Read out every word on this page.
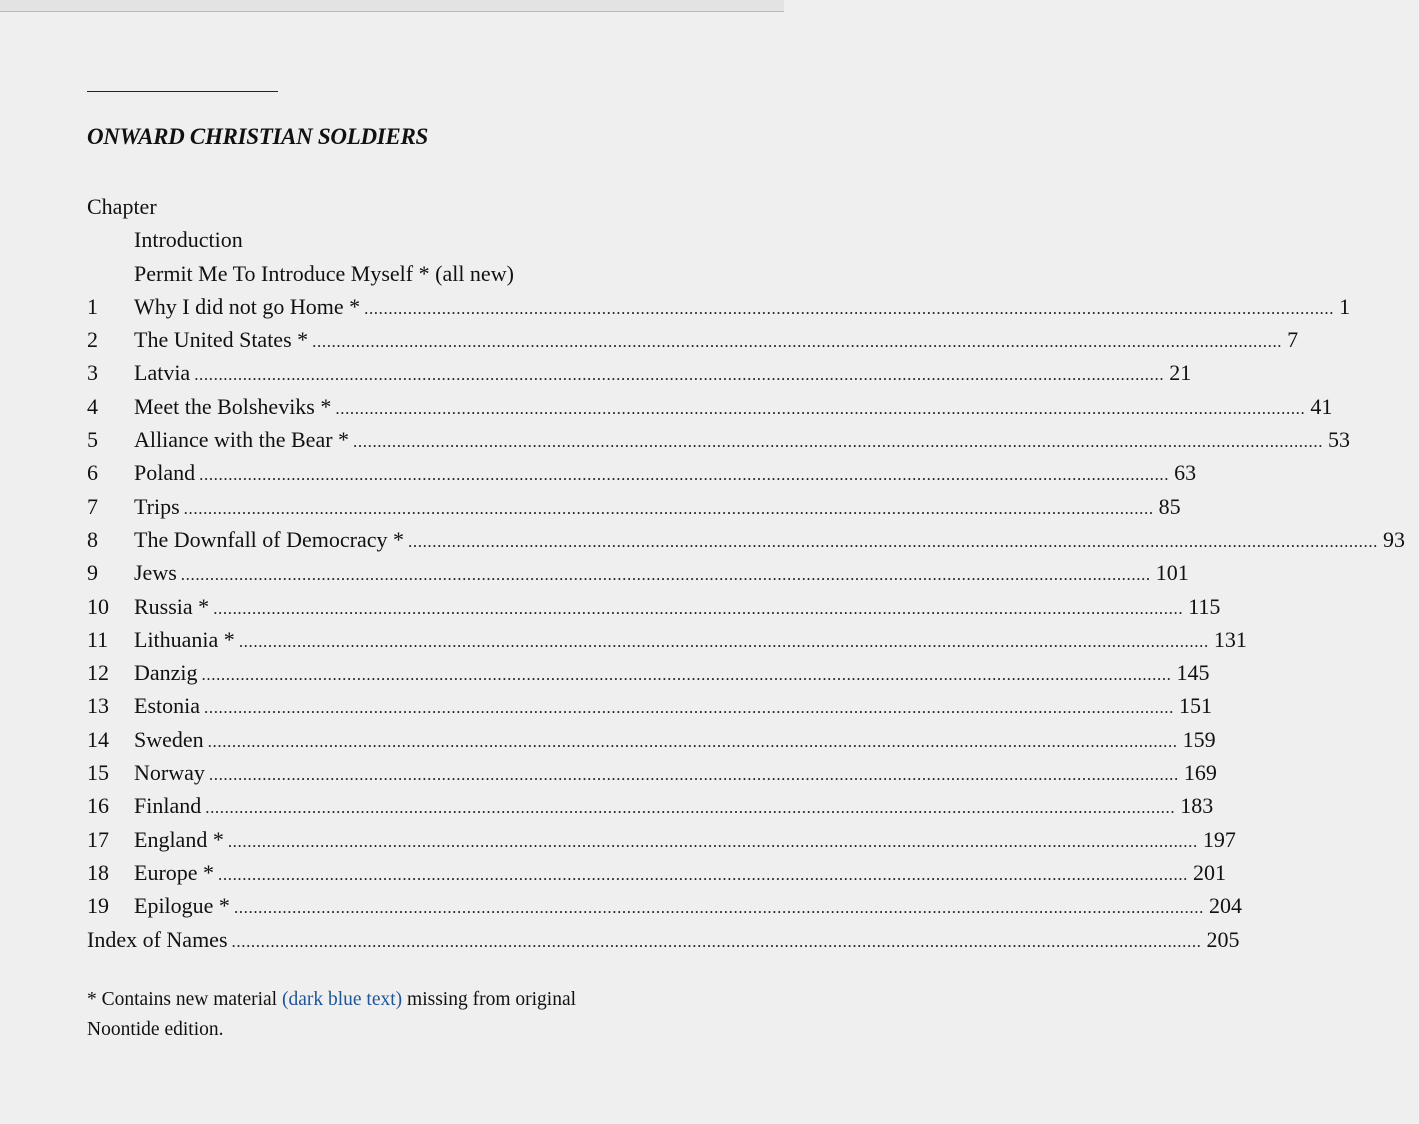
ONWARD CHRISTIAN SOLDIERS
Chapter
Introduction
Permit Me To Introduce Myself * (all new)
1	Why I did not go Home * ........................................................................................................................................................................................................ 1
2	The United States * ........................................................................................................................................................................................................ 7
3	Latvia ........................................................................................................................................................................................................ 21
4	Meet the Bolsheviks * ........................................................................................................................................................................................................ 41
5	Alliance with the Bear * ........................................................................................................................................................................................................ 53
6	Poland ........................................................................................................................................................................................................ 63
7	Trips ........................................................................................................................................................................................................ 85
8	The Downfall of Democracy * ........................................................................................................................................................................................................ 93
9	Jews ........................................................................................................................................................................................................ 101
10	Russia * ........................................................................................................................................................................................................ 115
11	Lithuania * ........................................................................................................................................................................................................ 131
12	Danzig ........................................................................................................................................................................................................ 145
13	Estonia ........................................................................................................................................................................................................ 151
14	Sweden ........................................................................................................................................................................................................ 159
15	Norway ........................................................................................................................................................................................................ 169
16	Finland ........................................................................................................................................................................................................ 183
17	England * ........................................................................................................................................................................................................ 197
18	Europe * ........................................................................................................................................................................................................ 201
19	Epilogue * ........................................................................................................................................................................................................ 204
Index of Names ........................................................................................................................................................................................................ 205

* Contains new material (dark blue text) missing from original Noontide edition.
